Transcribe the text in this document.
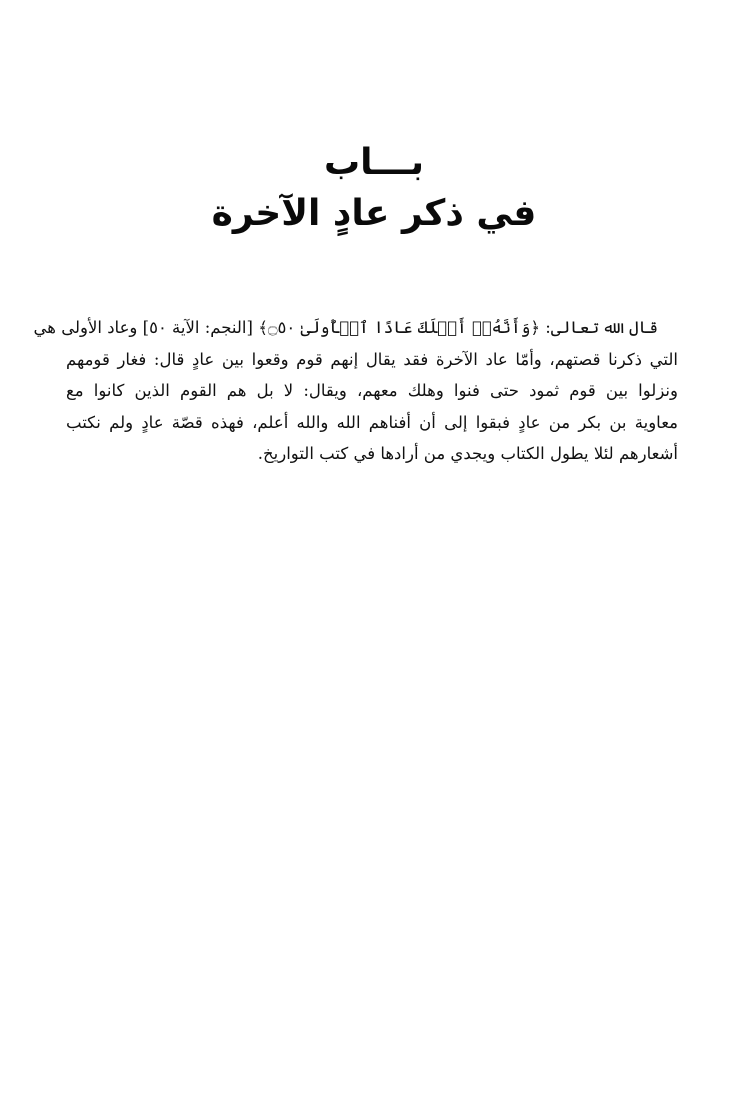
بـــاب
في ذكر عادٍ الآخرة
قال الله تعالى: ﴿وَأَنَّهُۥٓ أَهۡلَكَ عَادًا ٱلۡأُولَىٰ ۝٥٠﴾ [النجم: الآية ٥٠] وعاد الأولى هي
التي ذكرنا قصتهم، وأمّا عاد الآخرة فقد يقال إنهم قوم وقعوا بين عادٍ قال: فغار قومهم
ونزلوا بين قوم ثمود حتى فنوا وهلك معهم، ويقال: لا بل هم القوم الذين كانوا مع
معاوية بن بكر من عادٍ فبقوا إلى أن أفناهم الله والله أعلم، فهذه قصّة عادٍ ولم نكتب
أشعارهم لئلا يطول الكتاب ويجدي من أرادها في كتب التواريخ.
